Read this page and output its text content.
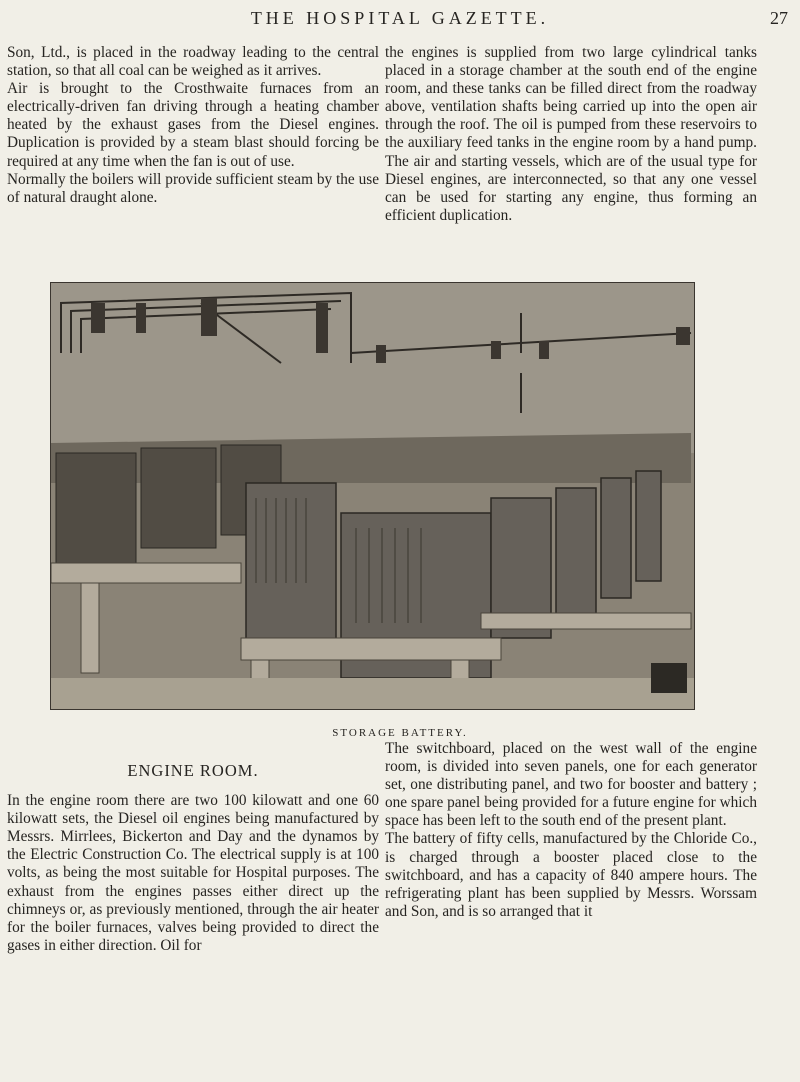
THE HOSPITAL GAZETTE.	27

Son, Ltd., is placed in the roadway leading to the central station, so that all coal can be weighed as it arrives.

Air is brought to the Crosthwaite furnaces from an electrically-driven fan driving through a heating chamber heated by the exhaust gases from the Diesel engines. Duplication is provided by a steam blast should forcing be required at any time when the fan is out of use.

Normally the boilers will provide sufficient steam by the use of natural draught alone.

the engines is supplied from two large cylindrical tanks placed in a storage chamber at the south end of the engine room, and these tanks can be filled direct from the roadway above, ventilation shafts being carried up into the open air through the roof. The oil is pumped from these reservoirs to the auxiliary feed tanks in the engine room by a hand pump. The air and starting vessels, which are of the usual type for Diesel engines, are interconnected, so that any one vessel can be used for starting any engine, thus forming an efficient duplication.

STORAGE BATTERY.
ENGINE ROOM.

In the engine room there are two 100 kilowatt and one 60 kilowatt sets, the Diesel oil engines being manufactured by Messrs. Mirrlees, Bickerton and Day and the dynamos by the Electric Construction Co. The electrical supply is at 100 volts, as being the most suitable for Hospital purposes. The exhaust from the engines passes either direct up the chimneys or, as previously mentioned, through the air heater for the boiler furnaces, valves being provided to direct the gases in either direction. Oil for

The switchboard, placed on the west wall of the engine room, is divided into seven panels, one for each generator set, one distributing panel, and two for booster and battery ; one spare panel being provided for a future engine for which space has been left to the south end of the present plant.

The battery of fifty cells, manufactured by the Chloride Co., is charged through a booster placed close to the switchboard, and has a capacity of 840 ampere hours. The refrigerating plant has been supplied by Messrs. Worssam and Son, and is so arranged that it
